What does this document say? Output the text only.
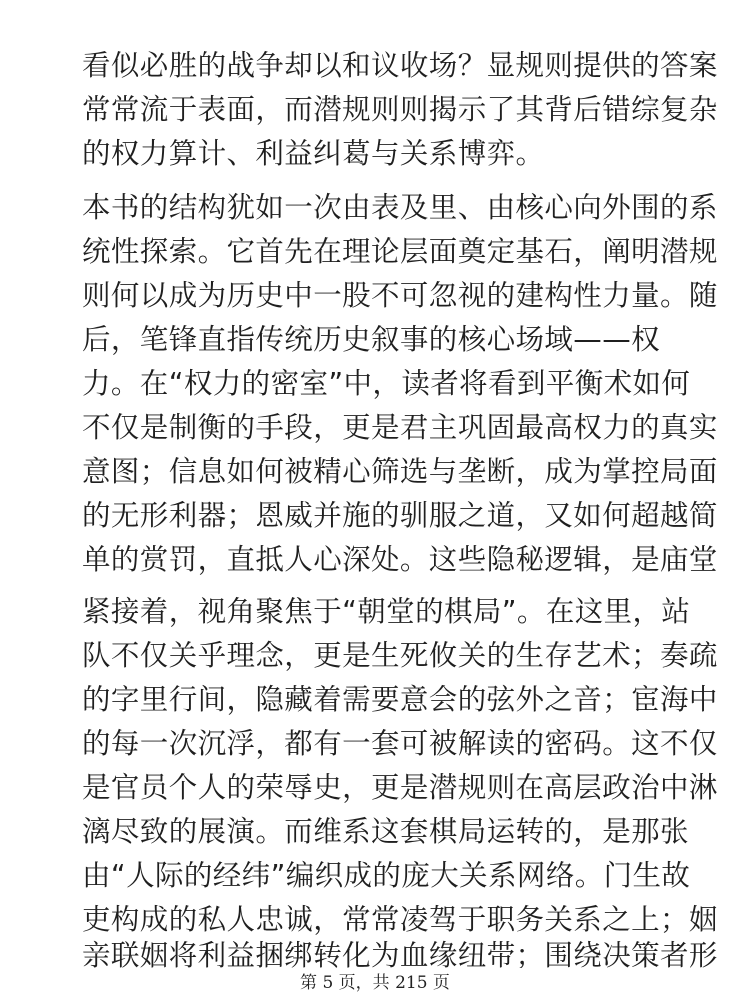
看似必胜的战争却以和议收场？显规则提供的答案
常常流于表面，而潜规则则揭示了其背后错综复杂
的权力算计、利益纠葛与关系博弈。
本书的结构犹如一次由表及里、由核心向外围的系
统性探索。它首先在理论层面奠定基石，阐明潜规
则何以成为历史中一股不可忽视的建构性力量。随
后，笔锋直指传统历史叙事的核心场域——权
力。在“权力的密室”中，读者将看到平衡术如何
不仅是制衡的手段，更是君主巩固最高权力的真实
意图；信息如何被精心筛选与垄断，成为掌控局面
的无形利器；恩威并施的驯服之道，又如何超越简
单的赏罚，直抵人心深处。这些隐秘逻辑，是庙堂
紧接着，视角聚焦于“朝堂的棋局”。在这里，站
队不仅关乎理念，更是生死攸关的生存艺术；奏疏
的字里行间，隐藏着需要意会的弦外之音；宦海中
的每一次沉浮，都有一套可被解读的密码。这不仅
是官员个人的荣辱史，更是潜规则在高层政治中淋
漓尽致的展演。而维系这套棋局运转的，是那张
由“人际的经纬”编织成的庞大关系网络。门生故
吏构成的私人忠诚，常常凌驾于职务关系之上；姻
亲联姻将利益捆绑转化为血缘纽带；围绕决策者形
第 5 页，共 215 页
